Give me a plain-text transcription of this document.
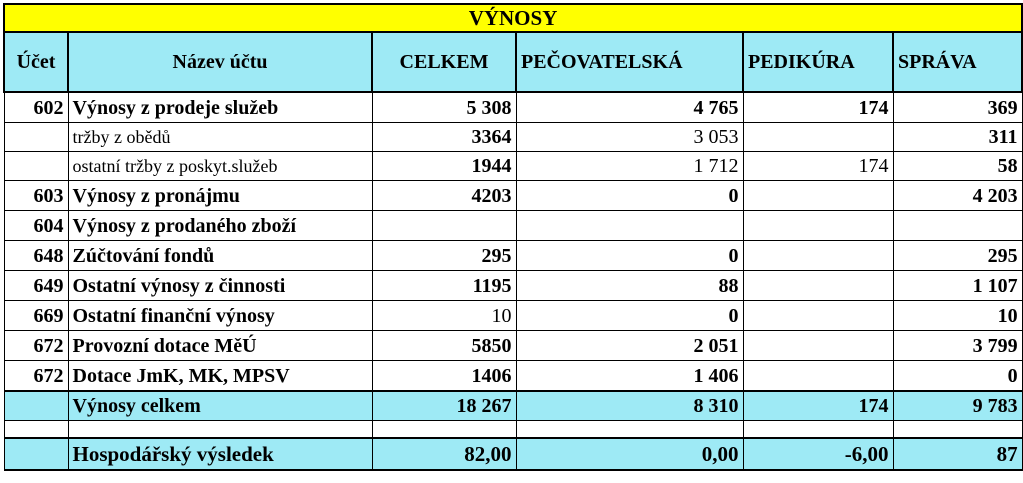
VÝNOSY					
Účet	Název účtu	CELKEM	PEČOVATELSKÁ	PEDIKÚRA	SPRÁVA
602	Výnosy z prodeje služeb	5 308	4 765	174	369
	tržby z obědů	3364	3 053		311
	ostatní tržby z poskyt.služeb	1944	1 712	174	58
603	Výnosy z pronájmu	4203	0		4 203
604	Výnosy z prodaného zboží				
648	Zúčtování fondů	295	0		295
649	Ostatní výnosy z činnosti	1195	88		1 107
669	Ostatní finanční výnosy	10	0		10
672	Provozní dotace MěÚ	5850	2 051		3 799
672	Dotace JmK, MK, MPSV	1406	1 406		0
	Výnosy celkem	18 267	8 310	174	9 783

	Hospodářský výsledek	82,00	0,00	-6,00	87
